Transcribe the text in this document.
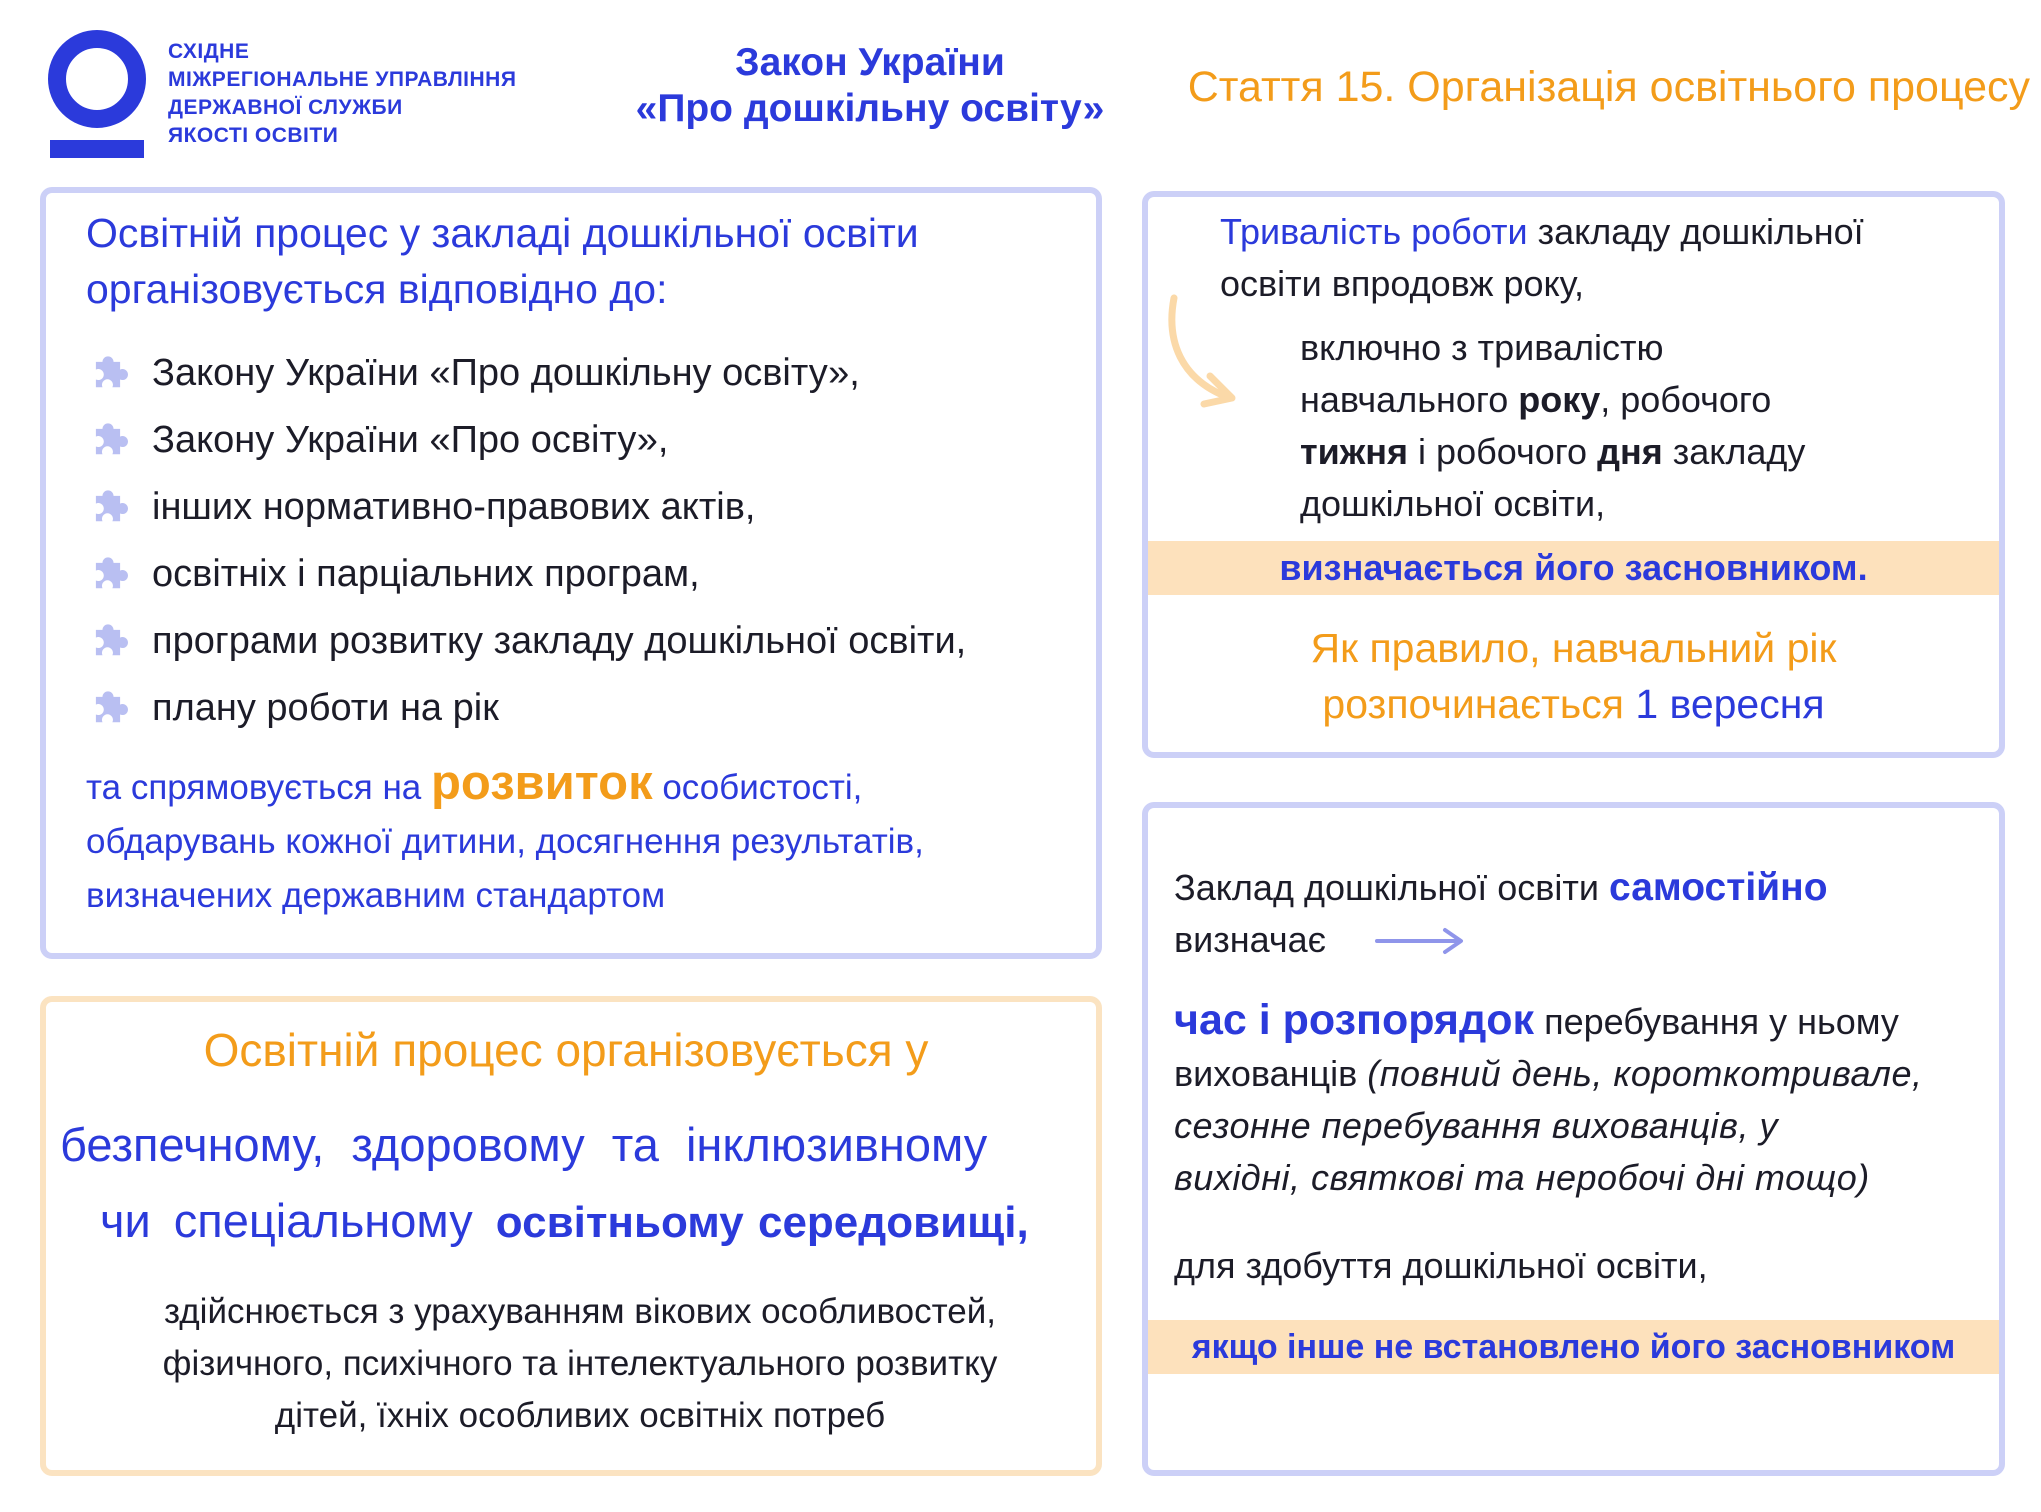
СХІДНЕ
МІЖРЕГІОНАЛЬНЕ УПРАВЛІННЯ
ДЕРЖАВНОЇ СЛУЖБИ
ЯКОСТІ ОСВІТИ
Закон України
«Про дошкільну освіту»	Стаття 15. Організація освітнього процесу
Освітній процес у закладі дошкільної освіти
організовується відповідно до:
Закону України «Про дошкільну освіту»,
Закону України «Про освіту»,
інших нормативно-правових актів,
освітніх і парціальних програм,
програми розвитку закладу дошкільної освіти,
плану роботи на рік
та спрямовується на розвиток особистості,
обдарувань кожної дитини, досягнення результатів,
визначених державним стандартом
Освітній процес організовується у
безпечному, здоровому та інклюзивному
чи спеціальному освітньому середовищі,
здійснюється з урахуванням вікових особливостей,
фізичного, психічного та інтелектуального розвитку
дітей, їхніх особливих освітніх потреб
Тривалість роботи закладу дошкільної
освіти впродовж року,
включно з тривалістю
навчального року, робочого
тижня і робочого дня закладу
дошкільної освіти,
визначається його засновником.
Як правило, навчальний рік
розпочинається 1 вересня
Заклад дошкільної освіти самостійно
визначає
час і розпорядок перебування у ньому
вихованців (повний день, короткотривале,
сезонне перебування вихованців, у
вихідні, святкові та неробочі дні тощо)
для здобуття дошкільної освіти,
якщо інше не встановлено його засновником
